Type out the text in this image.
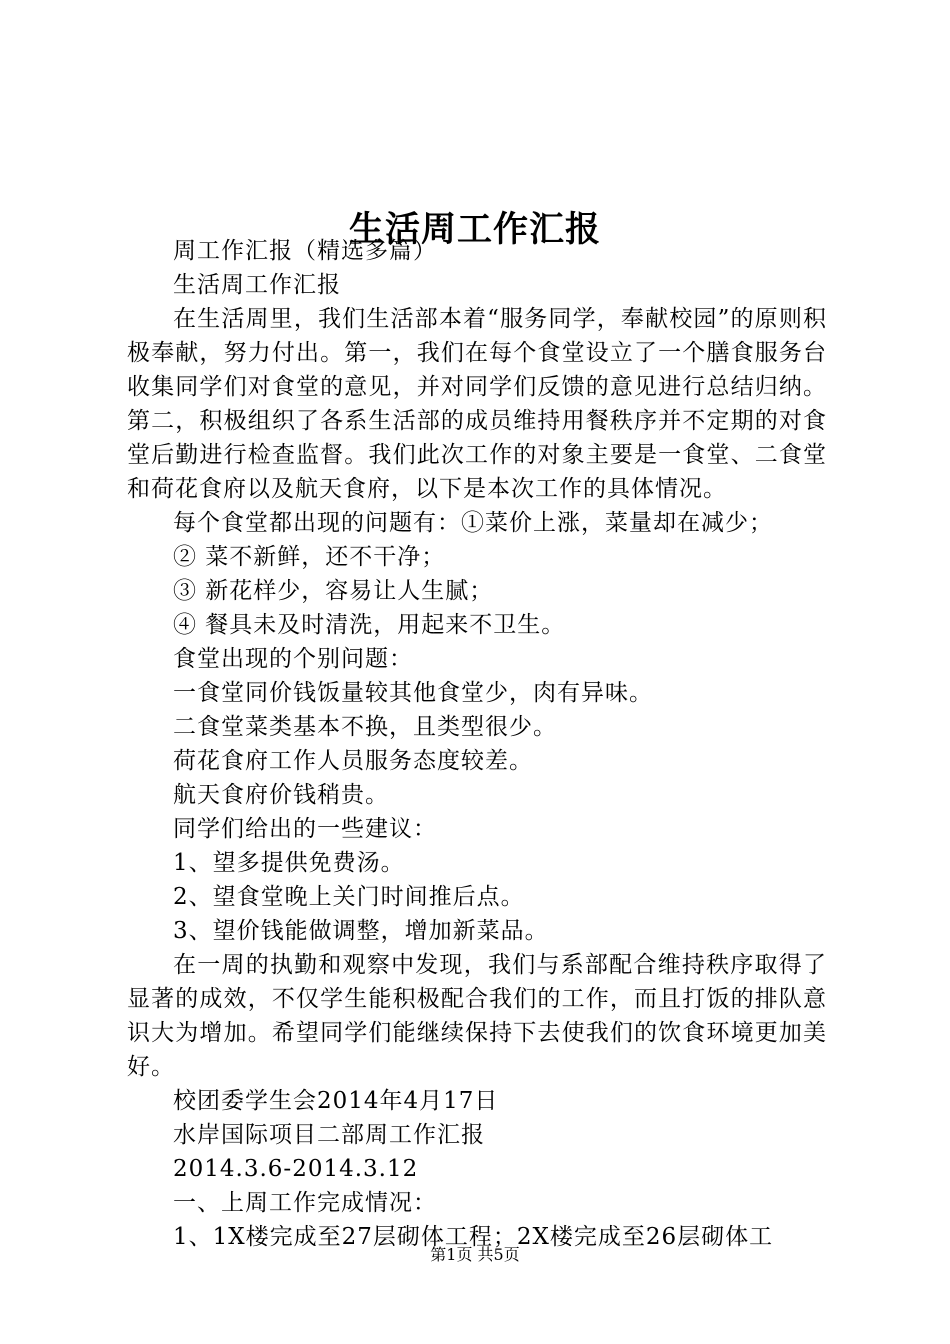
生活周工作汇报

周工作汇报（精选多篇）

生活周工作汇报

在生活周里，我们生活部本着“服务同学，奉献校园”的原则积极奉献，努力付出。第一，我们在每个食堂设立了一个膳食服务台收集同学们对食堂的意见，并对同学们反馈的意见进行总结归纳。第二，积极组织了各系生活部的成员维持用餐秩序并不定期的对食堂后勤进行检查监督。我们此次工作的对象主要是一食堂、二食堂和荷花食府以及航天食府，以下是本次工作的具体情况。

每个食堂都出现的问题有：①菜价上涨，菜量却在减少；

② 菜不新鲜，还不干净；

③ 新花样少，容易让人生腻；

④ 餐具未及时清洗，用起来不卫生。

食堂出现的个别问题：

一食堂同价钱饭量较其他食堂少，肉有异味。

二食堂菜类基本不换，且类型很少。

荷花食府工作人员服务态度较差。

航天食府价钱稍贵。

同学们给出的一些建议：

1、望多提供免费汤。

2、望食堂晚上关门时间推后点。

3、望价钱能做调整，增加新菜品。

在一周的执勤和观察中发现，我们与系部配合维持秩序取得了显著的成效，不仅学生能积极配合我们的工作，而且打饭的排队意识大为增加。希望同学们能继续保持下去使我们的饮食环境更加美好。

校团委学生会2014年4月17日

水岸国际项目二部周工作汇报

2014.3.6-2014.3.12

一、上周工作完成情况：

1、1X楼完成至27层砌体工程；2X楼完成至26层砌体工

第1页 共5页
